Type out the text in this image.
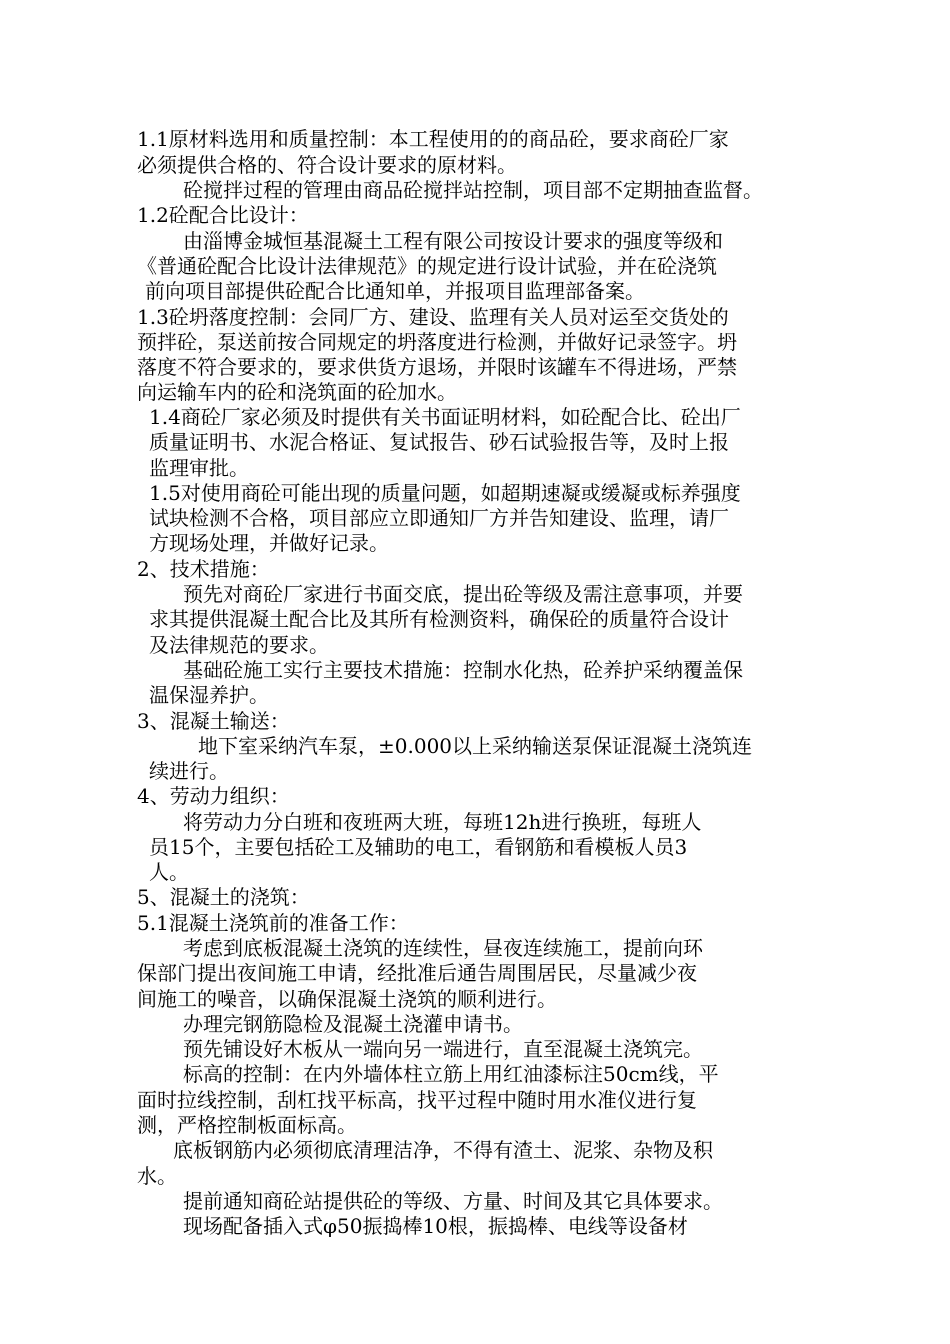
1.1原材料选用和质量控制：本工程使用的的商品砼，要求商砼厂家
必须提供合格的、符合设计要求的原材料。
砼搅拌过程的管理由商品砼搅拌站控制，项目部不定期抽查监督。
1.2砼配合比设计：
由淄博金城恒基混凝土工程有限公司按设计要求的强度等级和
《普通砼配合比设计法律规范》的规定进行设计试验，并在砼浇筑
前向项目部提供砼配合比通知单，并报项目监理部备案。
1.3砼坍落度控制：会同厂方、建设、监理有关人员对运至交货处的
预拌砼，泵送前按合同规定的坍落度进行检测，并做好记录签字。坍
落度不符合要求的，要求供货方退场，并限时该罐车不得进场，严禁
向运输车内的砼和浇筑面的砼加水。
1.4商砼厂家必须及时提供有关书面证明材料，如砼配合比、砼出厂
质量证明书、水泥合格证、复试报告、砂石试验报告等，及时上报
监理审批。
1.5对使用商砼可能出现的质量问题，如超期速凝或缓凝或标养强度
试块检测不合格，项目部应立即通知厂方并告知建设、监理，请厂
方现场处理，并做好记录。
2、技术措施：
预先对商砼厂家进行书面交底，提出砼等级及需注意事项，并要
求其提供混凝土配合比及其所有检测资料，确保砼的质量符合设计
及法律规范的要求。
基础砼施工实行主要技术措施：控制水化热，砼养护采纳覆盖保
温保湿养护。
3、混凝土输送：
地下室采纳汽车泵，±0.000以上采纳输送泵保证混凝土浇筑连
续进行。
4、劳动力组织：
将劳动力分白班和夜班两大班，每班12h进行换班，每班人
员15个，主要包括砼工及辅助的电工，看钢筋和看模板人员3
人。
5、混凝土的浇筑：
5.1混凝土浇筑前的准备工作：
考虑到底板混凝土浇筑的连续性，昼夜连续施工，提前向环
保部门提出夜间施工申请，经批准后通告周围居民，尽量减少夜
间施工的噪音，以确保混凝土浇筑的顺利进行。
办理完钢筋隐检及混凝土浇灌申请书。
预先铺设好木板从一端向另一端进行，直至混凝土浇筑完。
标高的控制：在内外墙体柱立筋上用红油漆标注50cm线，平
面时拉线控制，刮杠找平标高，找平过程中随时用水准仪进行复
测，严格控制板面标高。
底板钢筋内必须彻底清理洁净，不得有渣土、泥浆、杂物及积
水。
提前通知商砼站提供砼的等级、方量、时间及其它具体要求。
现场配备插入式φ50振捣棒10根，振捣棒、电线等设备材
